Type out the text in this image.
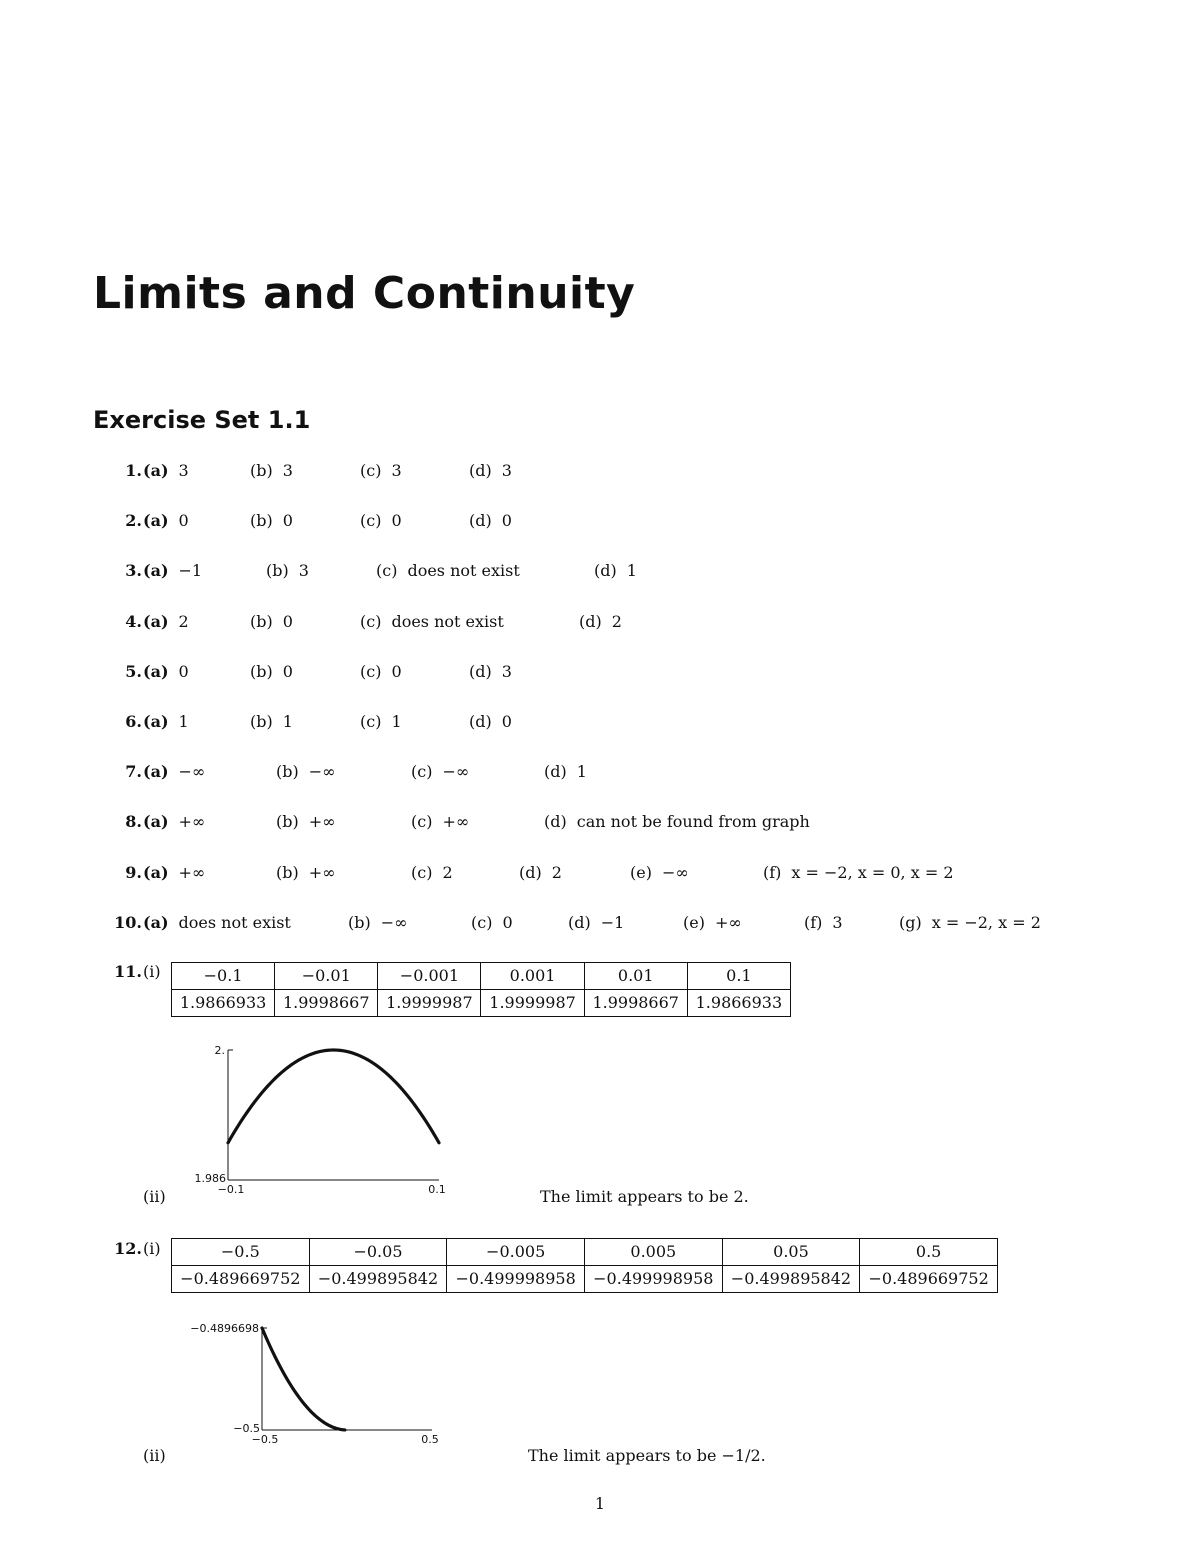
Limits and Continuity
Exercise Set 1.1
1. (a) 3	(b) 3	(c) 3	(d) 3
2. (a) 0	(b) 0	(c) 0	(d) 0
3. (a) −1	(b) 3	(c) does not exist	(d) 1
4. (a) 2	(b) 0	(c) does not exist	(d) 2
5. (a) 0	(b) 0	(c) 0	(d) 3
6. (a) 1	(b) 1	(c) 1	(d) 0
7. (a) −∞	(b) −∞	(c) −∞	(d) 1
8. (a) +∞	(b) +∞	(c) +∞	(d) can not be found from graph
9. (a) +∞	(b) +∞	(c) 2	(d) 2	(e) −∞	(f) x = −2, x = 0, x = 2
10. (a) does not exist	(b) −∞	(c) 0	(d) −1	(e) +∞	(f) 3	(g) x = −2, x = 2
11. (i)	−0.1	−0.01	−0.001	0.001	0.01	0.1
1.9866933	1.9998667	1.9999987	1.9999987	1.9998667	1.9866933
1.986
2.
−0.1	0.1
(ii)	The limit appears to be 2.
12. (i)	−0.5	−0.05	−0.005	0.005	0.05	0.5
−0.489669752	−0.499895842	−0.499998958	−0.499998958	−0.499895842	−0.489669752
−0.5
−0.4896698
−0.5	0.5
(ii)	The limit appears to be −1/2.
1
